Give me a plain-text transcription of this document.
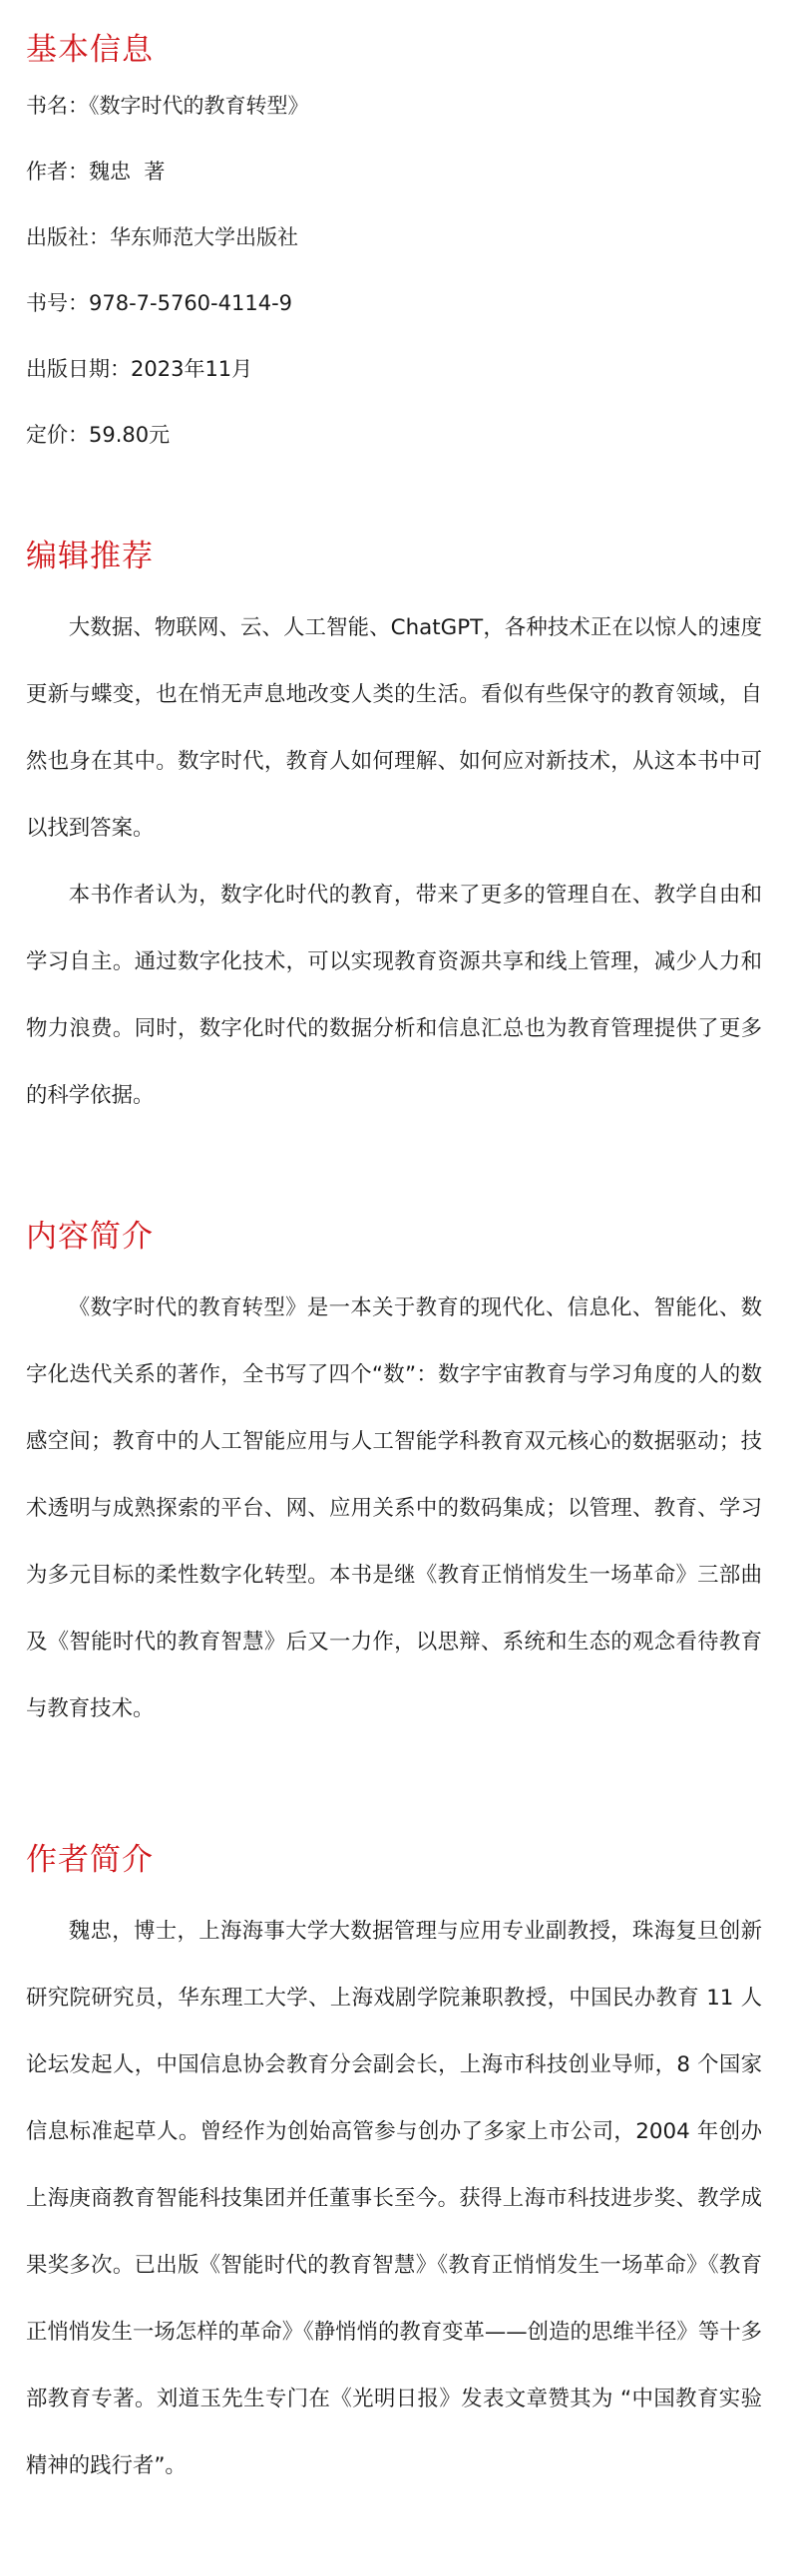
基本信息
书名：《数字时代的教育转型》
作者：魏忠  著
出版社：华东师范大学出版社
书号：978-7-5760-4114-9
出版日期：2023年11月
定价：59.80元
编辑推荐

大数据、物联网、云、人工智能、ChatGPT，各种技术正在以惊人的速度更新与蝶变，也在悄无声息地改变人类的生活。看似有些保守的教育领域，自然也身在其中。数字时代，教育人如何理解、如何应对新技术，从这本书中可以找到答案。

本书作者认为，数字化时代的教育，带来了更多的管理自在、教学自由和学习自主。通过数字化技术，可以实现教育资源共享和线上管理，减少人力和物力浪费。同时，数字化时代的数据分析和信息汇总也为教育管理提供了更多的科学依据。

内容简介

《数字时代的教育转型》是一本关于教育的现代化、信息化、智能化、数字化迭代关系的著作，全书写了四个“数”：数字宇宙教育与学习角度的人的数感空间；教育中的人工智能应用与人工智能学科教育双元核心的数据驱动；技术透明与成熟探索的平台、网、应用关系中的数码集成；以管理、教育、学习为多元目标的柔性数字化转型。本书是继《教育正悄悄发生一场革命》三部曲及《智能时代的教育智慧》后又一力作，以思辩、系统和生态的观念看待教育与教育技术。

作者简介

魏忠，博士，上海海事大学大数据管理与应用专业副教授，珠海复旦创新研究院研究员，华东理工大学、上海戏剧学院兼职教授，中国民办教育 11 人论坛发起人，中国信息协会教育分会副会长，上海市科技创业导师，8 个国家信息标准起草人。曾经作为创始高管参与创办了多家上市公司，2004 年创办上海庚商教育智能科技集团并任董事长至今。获得上海市科技进步奖、教学成果奖多次。已出版《智能时代的教育智慧》《教育正悄悄发生一场革命》《教育正悄悄发生一场怎样的革命》《静悄悄的教育变革——创造的思维半径》等十多部教育专著。刘道玉先生专门在《光明日报》发表文章赞其为 “中国教育实验精神的践行者”。
